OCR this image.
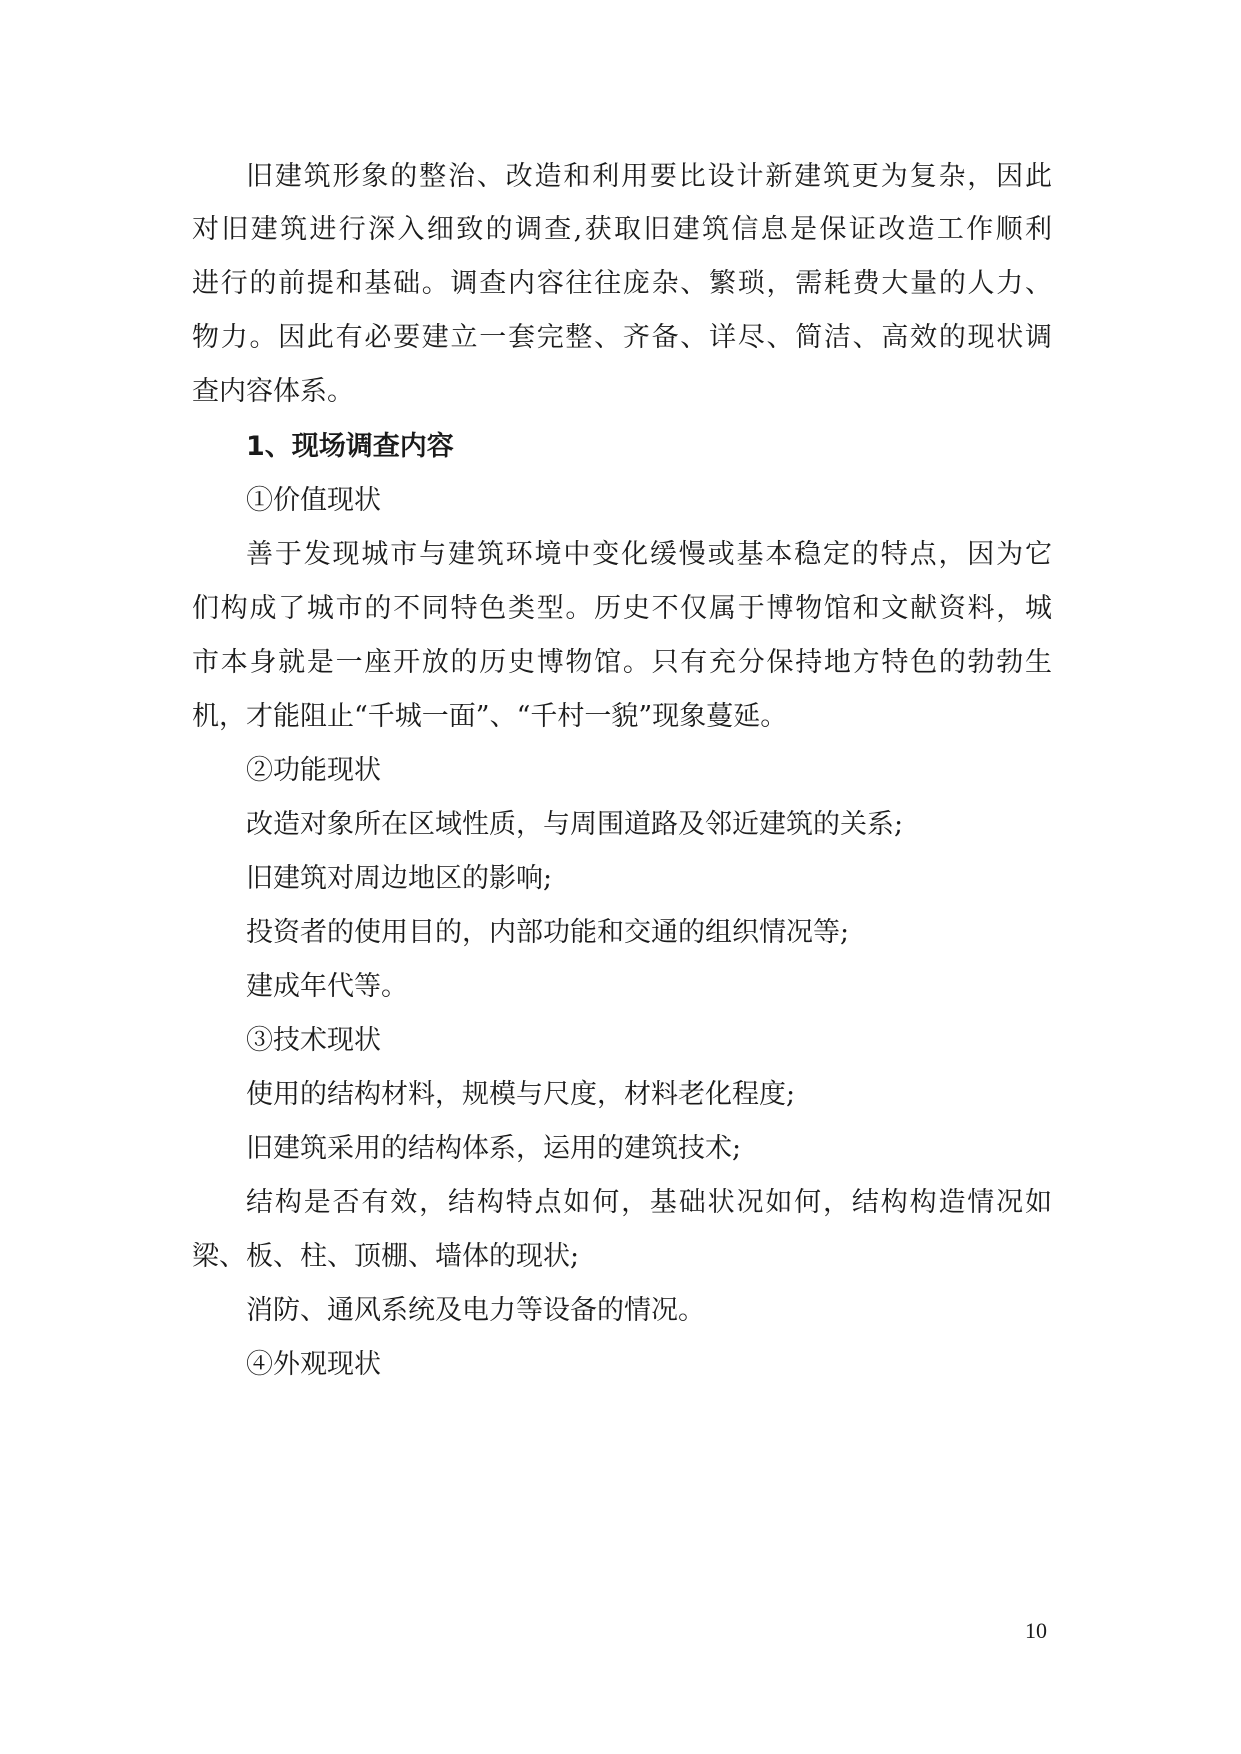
旧建筑形象的整治、改造和利用要比设计新建筑更为复杂，因此
对旧建筑进行深入细致的调查,获取旧建筑信息是保证改造工作顺利
进行的前提和基础。调查内容往往庞杂、繁琐，需耗费大量的人力、
物力。因此有必要建立一套完整、齐备、详尽、简洁、高效的现状调
查内容体系。
1、现场调查内容
①价值现状
善于发现城市与建筑环境中变化缓慢或基本稳定的特点，因为它
们构成了城市的不同特色类型。历史不仅属于博物馆和文献资料，城
市本身就是一座开放的历史博物馆。只有充分保持地方特色的勃勃生
机，才能阻止“千城一面”、“千村一貌”现象蔓延。
②功能现状
改造对象所在区域性质，与周围道路及邻近建筑的关系;
旧建筑对周边地区的影响;
投资者的使用目的，内部功能和交通的组织情况等;
建成年代等。
③技术现状
使用的结构材料，规模与尺度，材料老化程度;
旧建筑采用的结构体系，运用的建筑技术;
结构是否有效，结构特点如何，基础状况如何，结构构造情况如
梁、板、柱、顶棚、墙体的现状;
消防、通风系统及电力等设备的情况。
④外观现状
10
